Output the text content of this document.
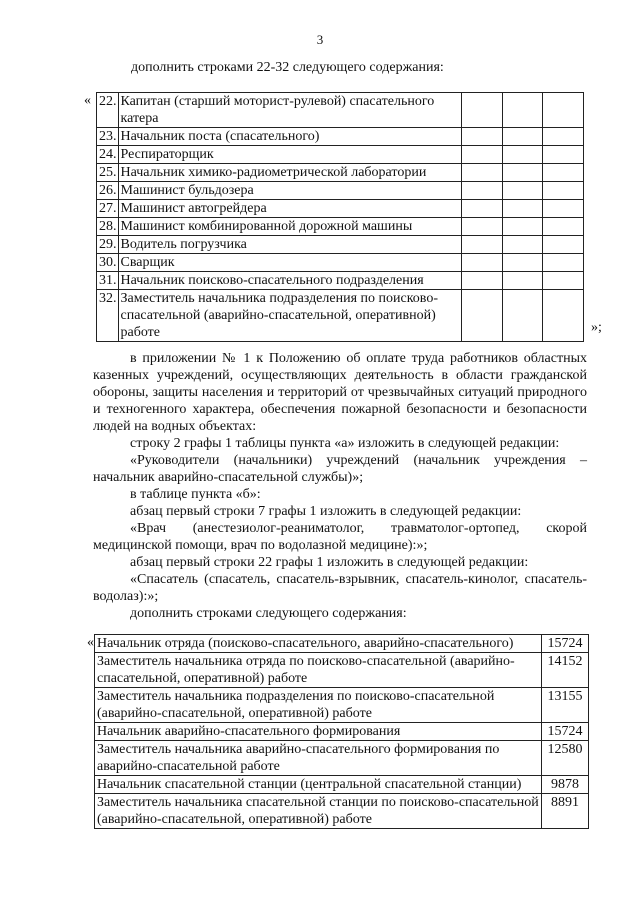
3
дополнить строками 22-32 следующего содержания:
« 22.	Капитан (старший моторист-рулевой) спасательного катера			
23.	Начальник поста (спасательного)			
24.	Респираторщик			
25.	Начальник химико-радиометрической лаборатории			
26.	Машинист бульдозера			
27.	Машинист автогрейдера			
28.	Машинист комбинированной дорожной машины			
29.	Водитель погрузчика			
30.	Сварщик			
31.	Начальник поисково-спасательного подразделения			
32.	Заместитель начальника подразделения по поисково-спасательной (аварийно-спасательной, оперативной) работе				»;
в приложении № 1 к Положению об оплате труда работников областных казенных учреждений, осуществляющих деятельность в области гражданской обороны, защиты населения и территорий от чрезвычайных ситуаций природного и техногенного характера, обеспечения пожарной безопасности и безопасности людей на водных объектах:
строку 2 графы 1 таблицы пункта «а» изложить в следующей редакции:
«Руководители (начальники) учреждений (начальник учреждения – начальник аварийно-спасательной службы)»;
в таблице пункта «б»:
абзац первый строки 7 графы 1 изложить в следующей редакции:
«Врач (анестезиолог-реаниматолог, травматолог-ортопед, скорой медицинской помощи, врач по водолазной медицине):»;
абзац первый строки 22 графы 1 изложить в следующей редакции:
«Спасатель (спасатель, спасатель-взрывник, спасатель-кинолог, спасатель-водолаз):»;
дополнить строками следующего содержания:
« Начальник отряда (поисково-спасательного, аварийно-спасательного)	15724
Заместитель начальника отряда по поисково-спасательной (аварийно-спасательной, оперативной) работе	14152
Заместитель начальника подразделения по поисково-спасательной (аварийно-спасательной, оперативной) работе	13155
Начальник аварийно-спасательного формирования	15724
Заместитель начальника аварийно-спасательного формирования по аварийно-спасательной работе	12580
Начальник спасательной станции (центральной спасательной станции)	9878
Заместитель начальника спасательной станции по поисково-спасательной (аварийно-спасательной, оперативной) работе	8891
